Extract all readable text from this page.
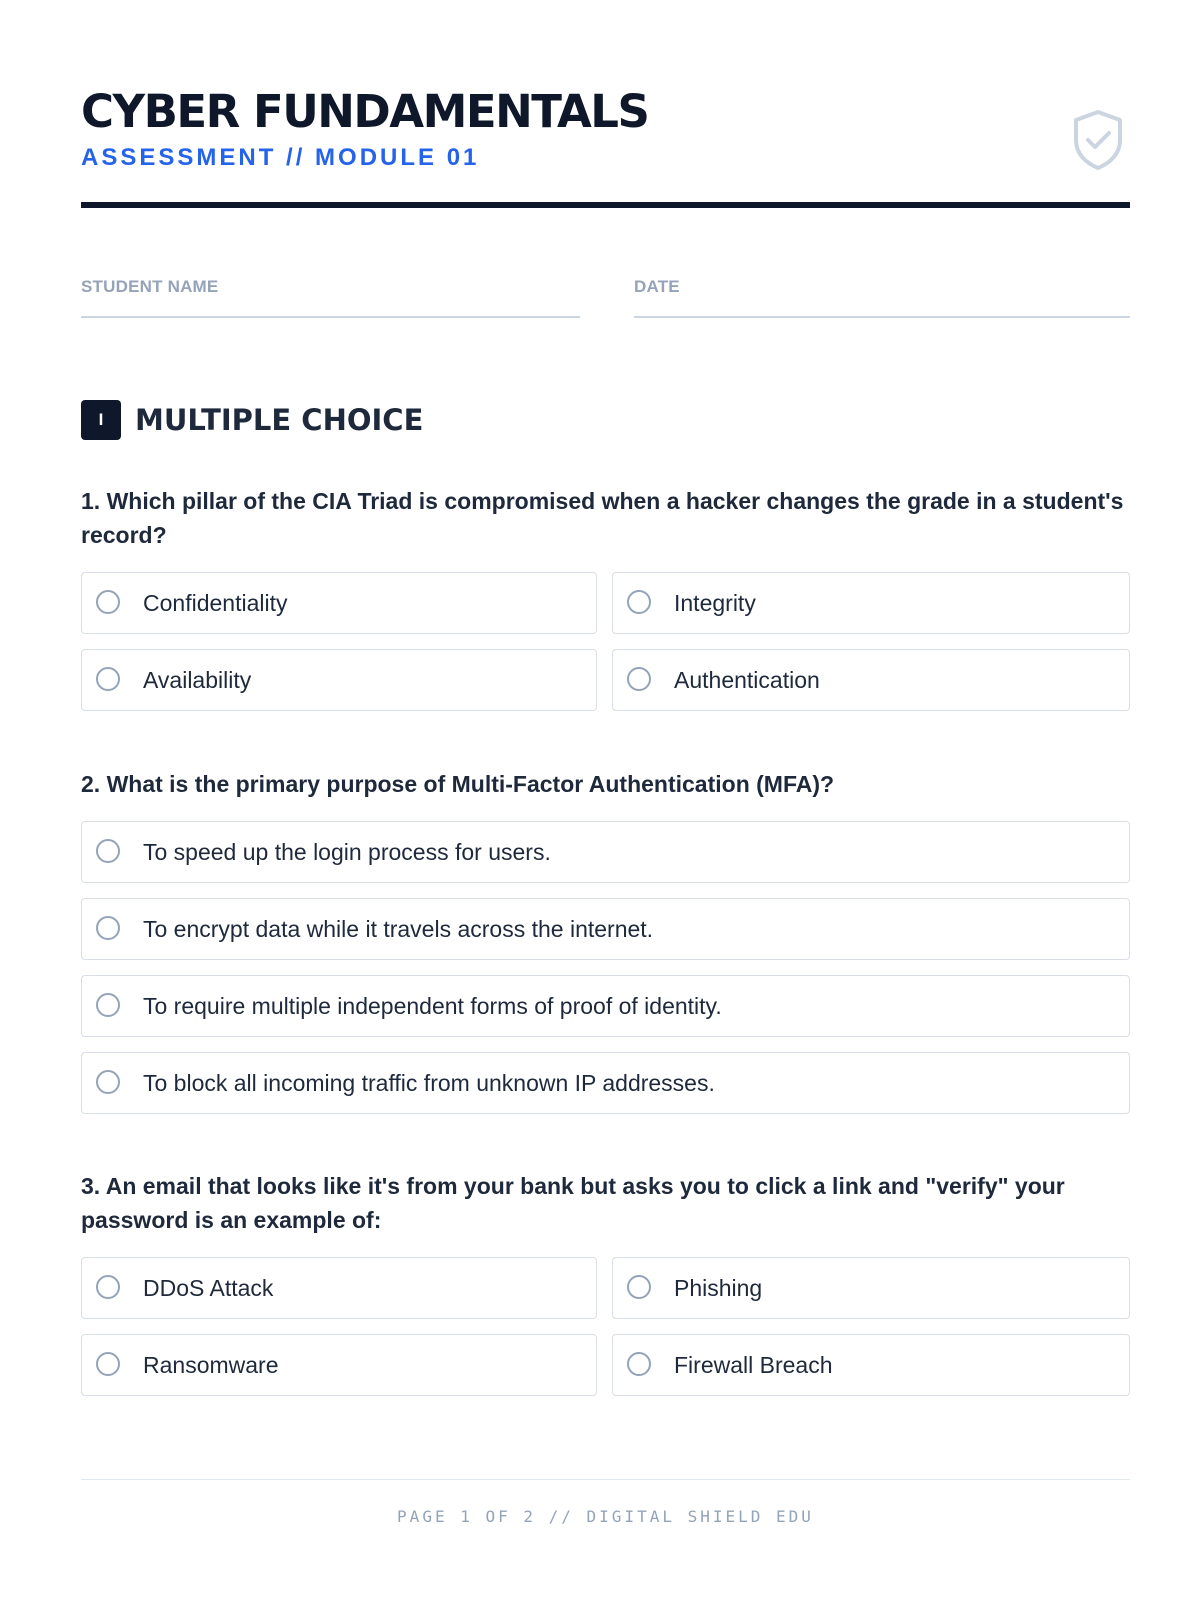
CYBER FUNDAMENTALS
ASSESSMENT // MODULE 01
STUDENT NAME	DATE
I	MULTIPLE CHOICE
1. Which pillar of the CIA Triad is compromised when a hacker changes the grade in a student's record?
Confidentiality	Integrity
Availability	Authentication
2. What is the primary purpose of Multi-Factor Authentication (MFA)?
To speed up the login process for users.
To encrypt data while it travels across the internet.
To require multiple independent forms of proof of identity.
To block all incoming traffic from unknown IP addresses.
3. An email that looks like it's from your bank but asks you to click a link and "verify" your password is an example of:
DDoS Attack	Phishing
Ransomware	Firewall Breach
PAGE 1 OF 2 // DIGITAL SHIELD EDU
